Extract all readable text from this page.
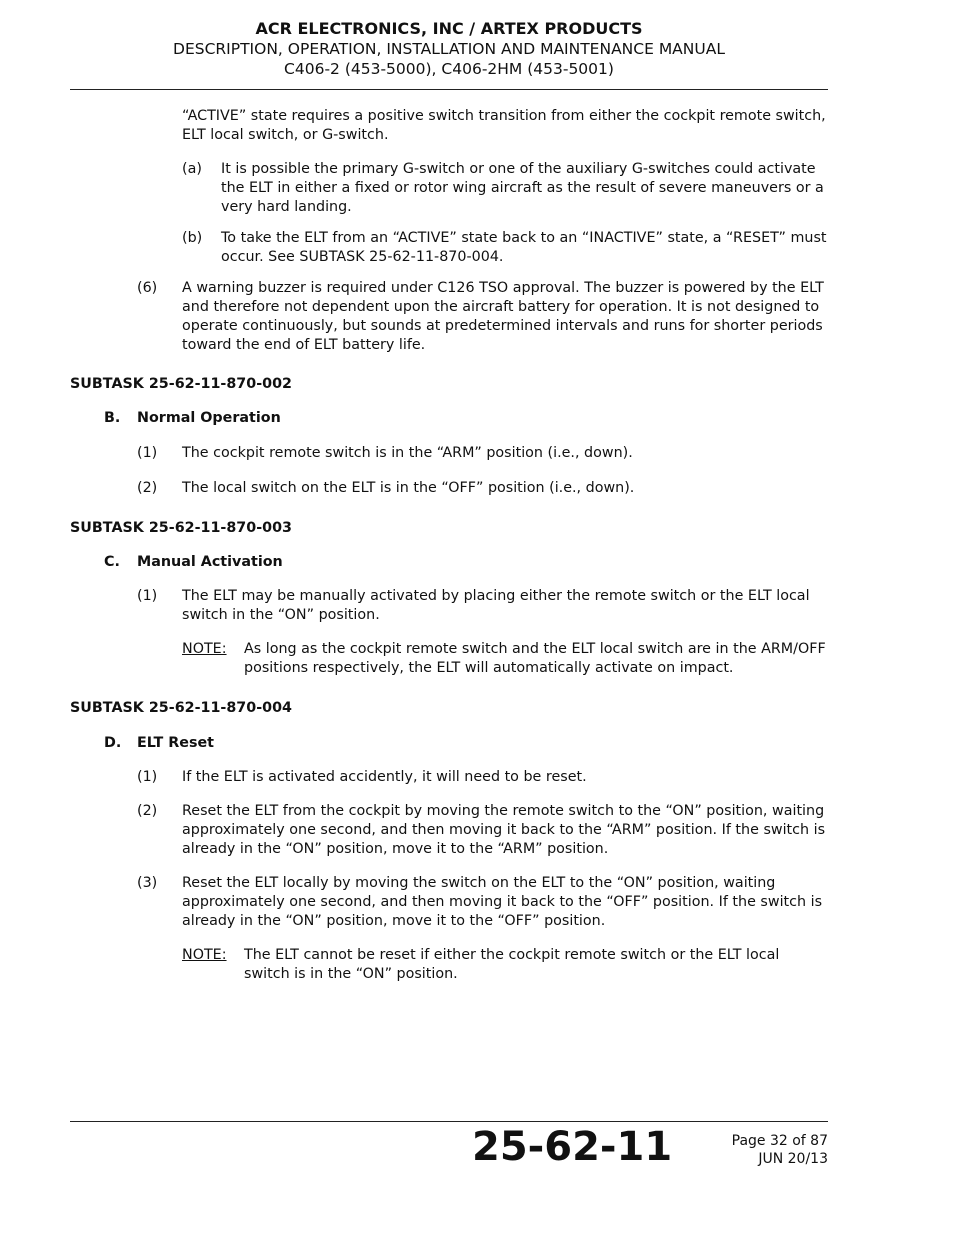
ACR ELECTRONICS, INC / ARTEX PRODUCTS
DESCRIPTION, OPERATION, INSTALLATION AND MAINTENANCE MANUAL
C406-2 (453-5000), C406-2HM (453-5001)
“ACTIVE” state requires a positive switch transition from either the cockpit remote switch, ELT local switch, or G-switch.
(a) It is possible the primary G-switch or one of the auxiliary G-switches could activate the ELT in either a fixed or rotor wing aircraft as the result of severe maneuvers or a very hard landing.
(b) To take the ELT from an “ACTIVE” state back to an “INACTIVE” state, a “RESET” must occur. See SUBTASK 25-62-11-870-004.
(6) A warning buzzer is required under C126 TSO approval. The buzzer is powered by the ELT and therefore not dependent upon the aircraft battery for operation. It is not designed to operate continuously, but sounds at predetermined intervals and runs for shorter periods toward the end of ELT battery life.
SUBTASK 25-62-11-870-002
B. Normal Operation
(1) The cockpit remote switch is in the “ARM” position (i.e., down).
(2) The local switch on the ELT is in the “OFF” position (i.e., down).
SUBTASK 25-62-11-870-003
C. Manual Activation
(1) The ELT may be manually activated by placing either the remote switch or the ELT local switch in the “ON” position.
NOTE: As long as the cockpit remote switch and the ELT local switch are in the ARM/OFF positions respectively, the ELT will automatically activate on impact.
SUBTASK 25-62-11-870-004
D. ELT Reset
(1) If the ELT is activated accidently, it will need to be reset.
(2) Reset the ELT from the cockpit by moving the remote switch to the “ON” position, waiting approximately one second, and then moving it back to the “ARM” position. If the switch is already in the “ON” position, move it to the “ARM” position.
(3) Reset the ELT locally by moving the switch on the ELT to the “ON” position, waiting approximately one second, and then moving it back to the “OFF” position. If the switch is already in the “ON” position, move it to the “OFF” position.
NOTE: The ELT cannot be reset if either the cockpit remote switch or the ELT local switch is in the “ON” position.
25-62-11	Page 32 of 87
JUN 20/13
